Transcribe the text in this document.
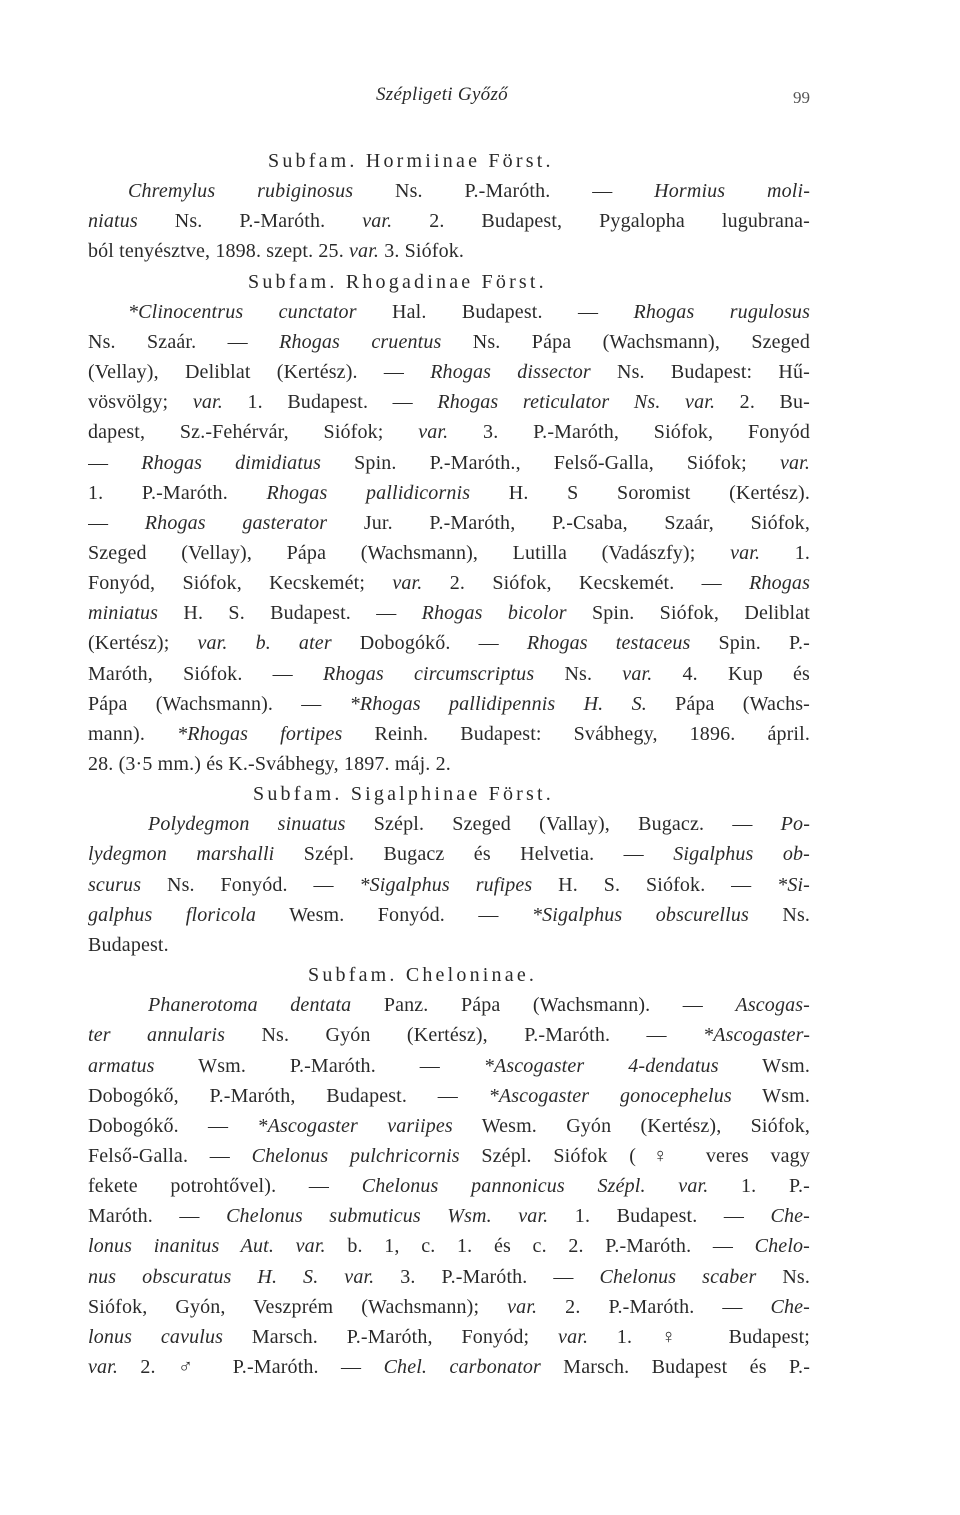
Szépligeti Győző	99
Subfam. Hormiinae Först.
Chremylus rubiginosus Ns. P.-Maróth. — Hormius moli-
niatus Ns. P.-Maróth. var. 2. Budapest, Pygalopha lugubrana-
ból tenyésztve, 1898. szept. 25. var. 3. Siófok.
Subfam. Rhogadinae Först.
*Clinocentrus cunctator Hal. Budapest. — Rhogas rugulosus
Ns. Szaár. — Rhogas cruentus Ns. Pápa (Wachsmann), Szeged
(Vellay), Deliblat (Kertész). — Rhogas dissector Ns. Budapest: Hű-
vösvölgy; var. 1. Budapest. — Rhogas reticulator Ns. var. 2. Bu-
dapest, Sz.-Fehérvár, Siófok; var. 3. P.-Maróth, Siófok, Fonyód
— Rhogas dimidiatus Spin. P.-Maróth., Felső-Galla, Siófok; var.
1. P.-Maróth. Rhogas pallidicornis H. S Soromist (Kertész).
— Rhogas gasterator Jur. P.-Maróth, P.-Csaba, Szaár, Siófok,
Szeged (Vellay), Pápa (Wachsmann), Lutilla (Vadászfy); var. 1.
Fonyód, Siófok, Kecskemét; var. 2. Siófok, Kecskemét. — Rhogas
miniatus H. S. Budapest. — Rhogas bicolor Spin. Siófok, Deliblat
(Kertész); var. b. ater Dobogókő. — Rhogas testaceus Spin. P.-
Maróth, Siófok. — Rhogas circumscriptus Ns. var. 4. Kup és
Pápa (Wachsmann). — *Rhogas pallidipennis H. S. Pápa (Wachs-
mann). *Rhogas fortipes Reinh. Budapest: Svábhegy, 1896. ápril.
28. (3·5 mm.) és K.-Svábhegy, 1897. máj. 2.
Subfam. Sigalphinae Först.
Polydegmon sinuatus Szépl. Szeged (Vallay), Bugacz. — Po-
lydegmon marshalli Szépl. Bugacz és Helvetia. — Sigalphus ob-
scurus Ns. Fonyód. — *Sigalphus rufipes H. S. Siófok. — *Si-
galphus floricola Wesm. Fonyód. — *Sigalphus obscurellus Ns.
Budapest.
Subfam. Cheloninae.
Phanerotoma dentata Panz. Pápa (Wachsmann). — Ascogas-
ter annularis Ns. Gyón (Kertész), P.-Maróth. — *Ascogaster-
armatus Wsm. P.-Maróth. — *Ascogaster 4-dendatus Wsm.
Dobogókő, P.-Maróth, Budapest. — *Ascogaster gonocephelus Wsm.
Dobogókő. — *Ascogaster variipes Wesm. Gyón (Kertész), Siófok,
Felső-Galla. — Chelonus pulchricornis Szépl. Siófok (♀ veres vagy
fekete potrohtővel). — Chelonus pannonicus Szépl. var. 1. P.-
Maróth. — Chelonus submuticus Wsm. var. 1. Budapest. — Che-
lonus inanitus Aut. var. b. 1, c. 1. és c. 2. P.-Maróth. — Chelo-
nus obscuratus H. S. var. 3. P.-Maróth. — Chelonus scaber Ns.
Siófok, Gyón, Veszprém (Wachsmann); var. 2. P.-Maróth. — Che-
lonus cavulus Marsch. P.-Maróth, Fonyód; var. 1. ♀ Budapest;
var. 2. ♂ P.-Maróth. — Chel. carbonator Marsch. Budapest és P.-
